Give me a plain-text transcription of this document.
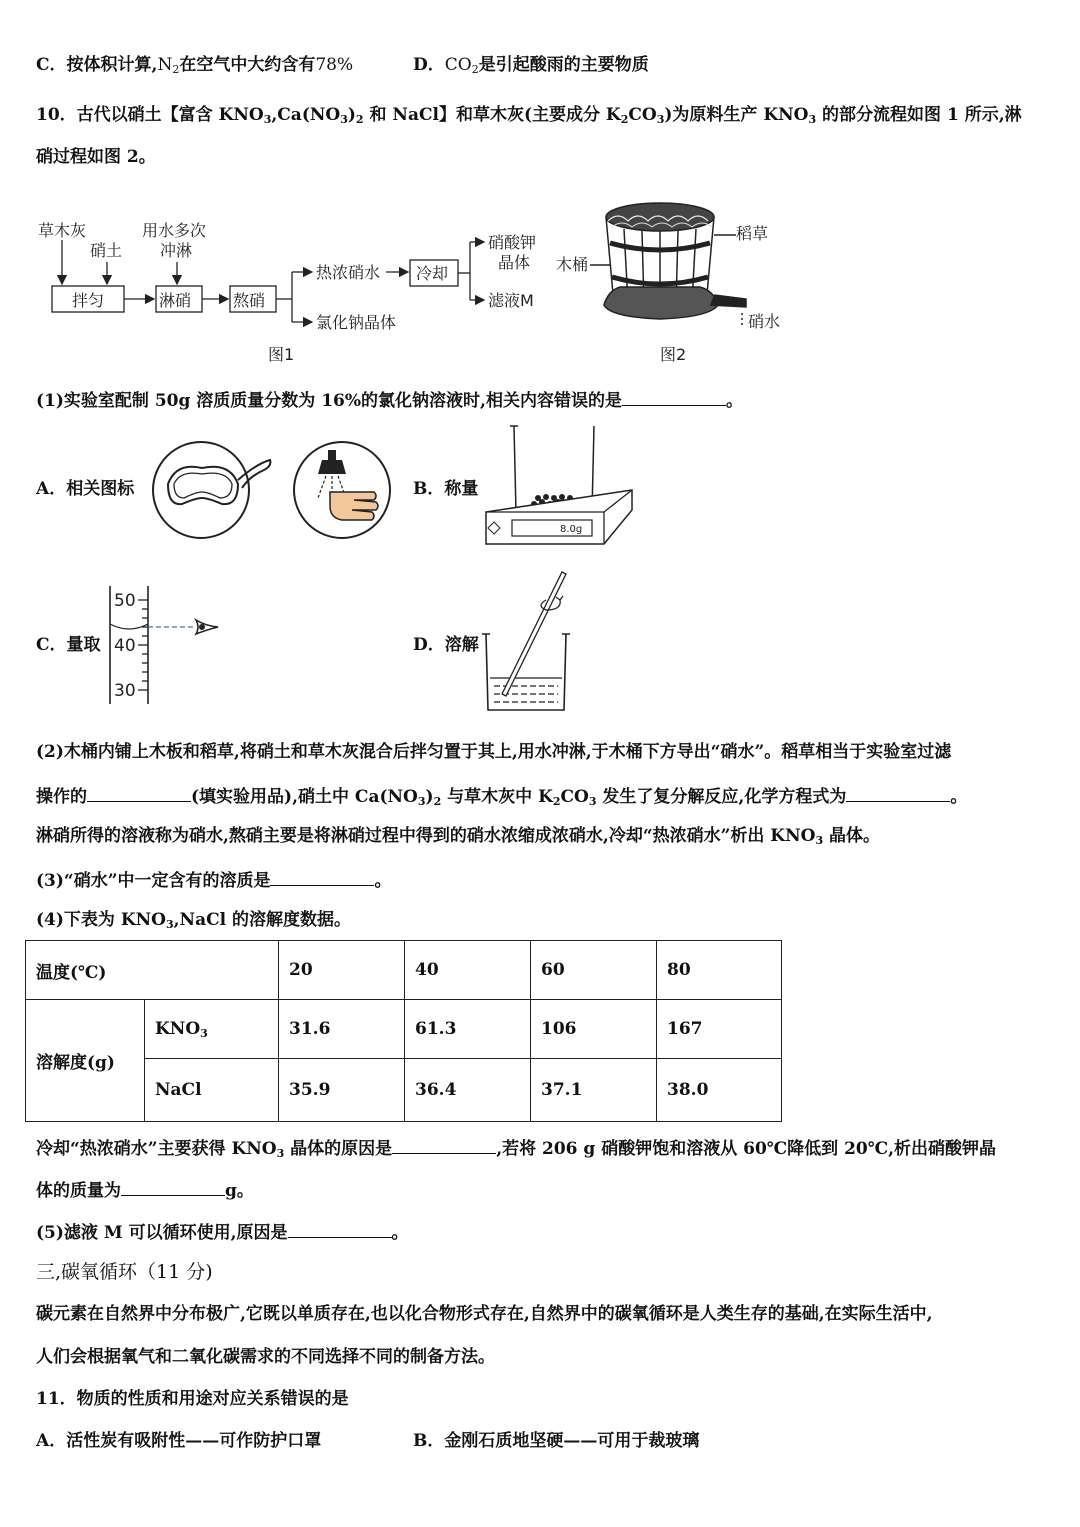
C．按体积计算$,N_2$在空气中大约含有78%	D．$CO_2$是引起酸雨的主要物质
10．古代以硝土【富含 $KNO_3,Ca(NO_3)_2$ 和 NaCl】和草木灰(主要成分 $K_2CO_3$)为原料生产 $KNO_3$ 的部分流程如图 1 所示,淋
硝过程如图 2。
草木灰
硝土
用水多次
冲淋
拌匀	淋硝	熬硝
热浓硝水
氯化钠晶体
冷却
硝酸钾
晶体
滤液M
图1
稻草
木桶
硝水
图2
(1)实验室配制 50g 溶质质量分数为 16%的氯化钠溶液时,相关内容错误的是	。
A．相关图标	B．称量
8.0g
C．量取
50
40
30
D．溶解
(2)木桶内铺上木板和稻草,将硝土和草木灰混合后拌匀置于其上,用水冲淋,于木桶下方导出“硝水”。稻草相当于实验室过滤
操作的	(填实验用品),硝土中 $Ca(NO_3)_2$ 与草木灰中 $K_2CO_3$ 发生了复分解反应,化学方程式为	。
淋硝所得的溶液称为硝水,熬硝主要是将淋硝过程中得到的硝水浓缩成浓硝水,冷却“热浓硝水”析出 $KNO_3$ 晶体。
(3)“硝水”中一定含有的溶质是	。
(4)下表为 $KNO_3,NaCl$ 的溶解度数据。
温度(℃)		20	40	60	80
溶解度(g)	$KNO_3$	31.6	61.3	106	167
	NaCl	35.9	36.4	37.1	38.0
冷却“热浓硝水”主要获得 $KNO_3$ 晶体的原因是	,若将 206 g 硝酸钾饱和溶液从 60℃降低到 20℃,析出硝酸钾晶
体的质量为	g。
(5)滤液 M 可以循环使用,原因是	。
三,碳氧循环（11 分)
碳元素在自然界中分布极广,它既以单质存在,也以化合物形式存在,自然界中的碳氧循环是人类生存的基础,在实际生活中,
人们会根据氧气和二氧化碳需求的不同选择不同的制备方法。
11．物质的性质和用途对应关系错误的是
A．活性炭有吸附性——可作防护口罩	B．金刚石质地坚硬——可用于裁玻璃
